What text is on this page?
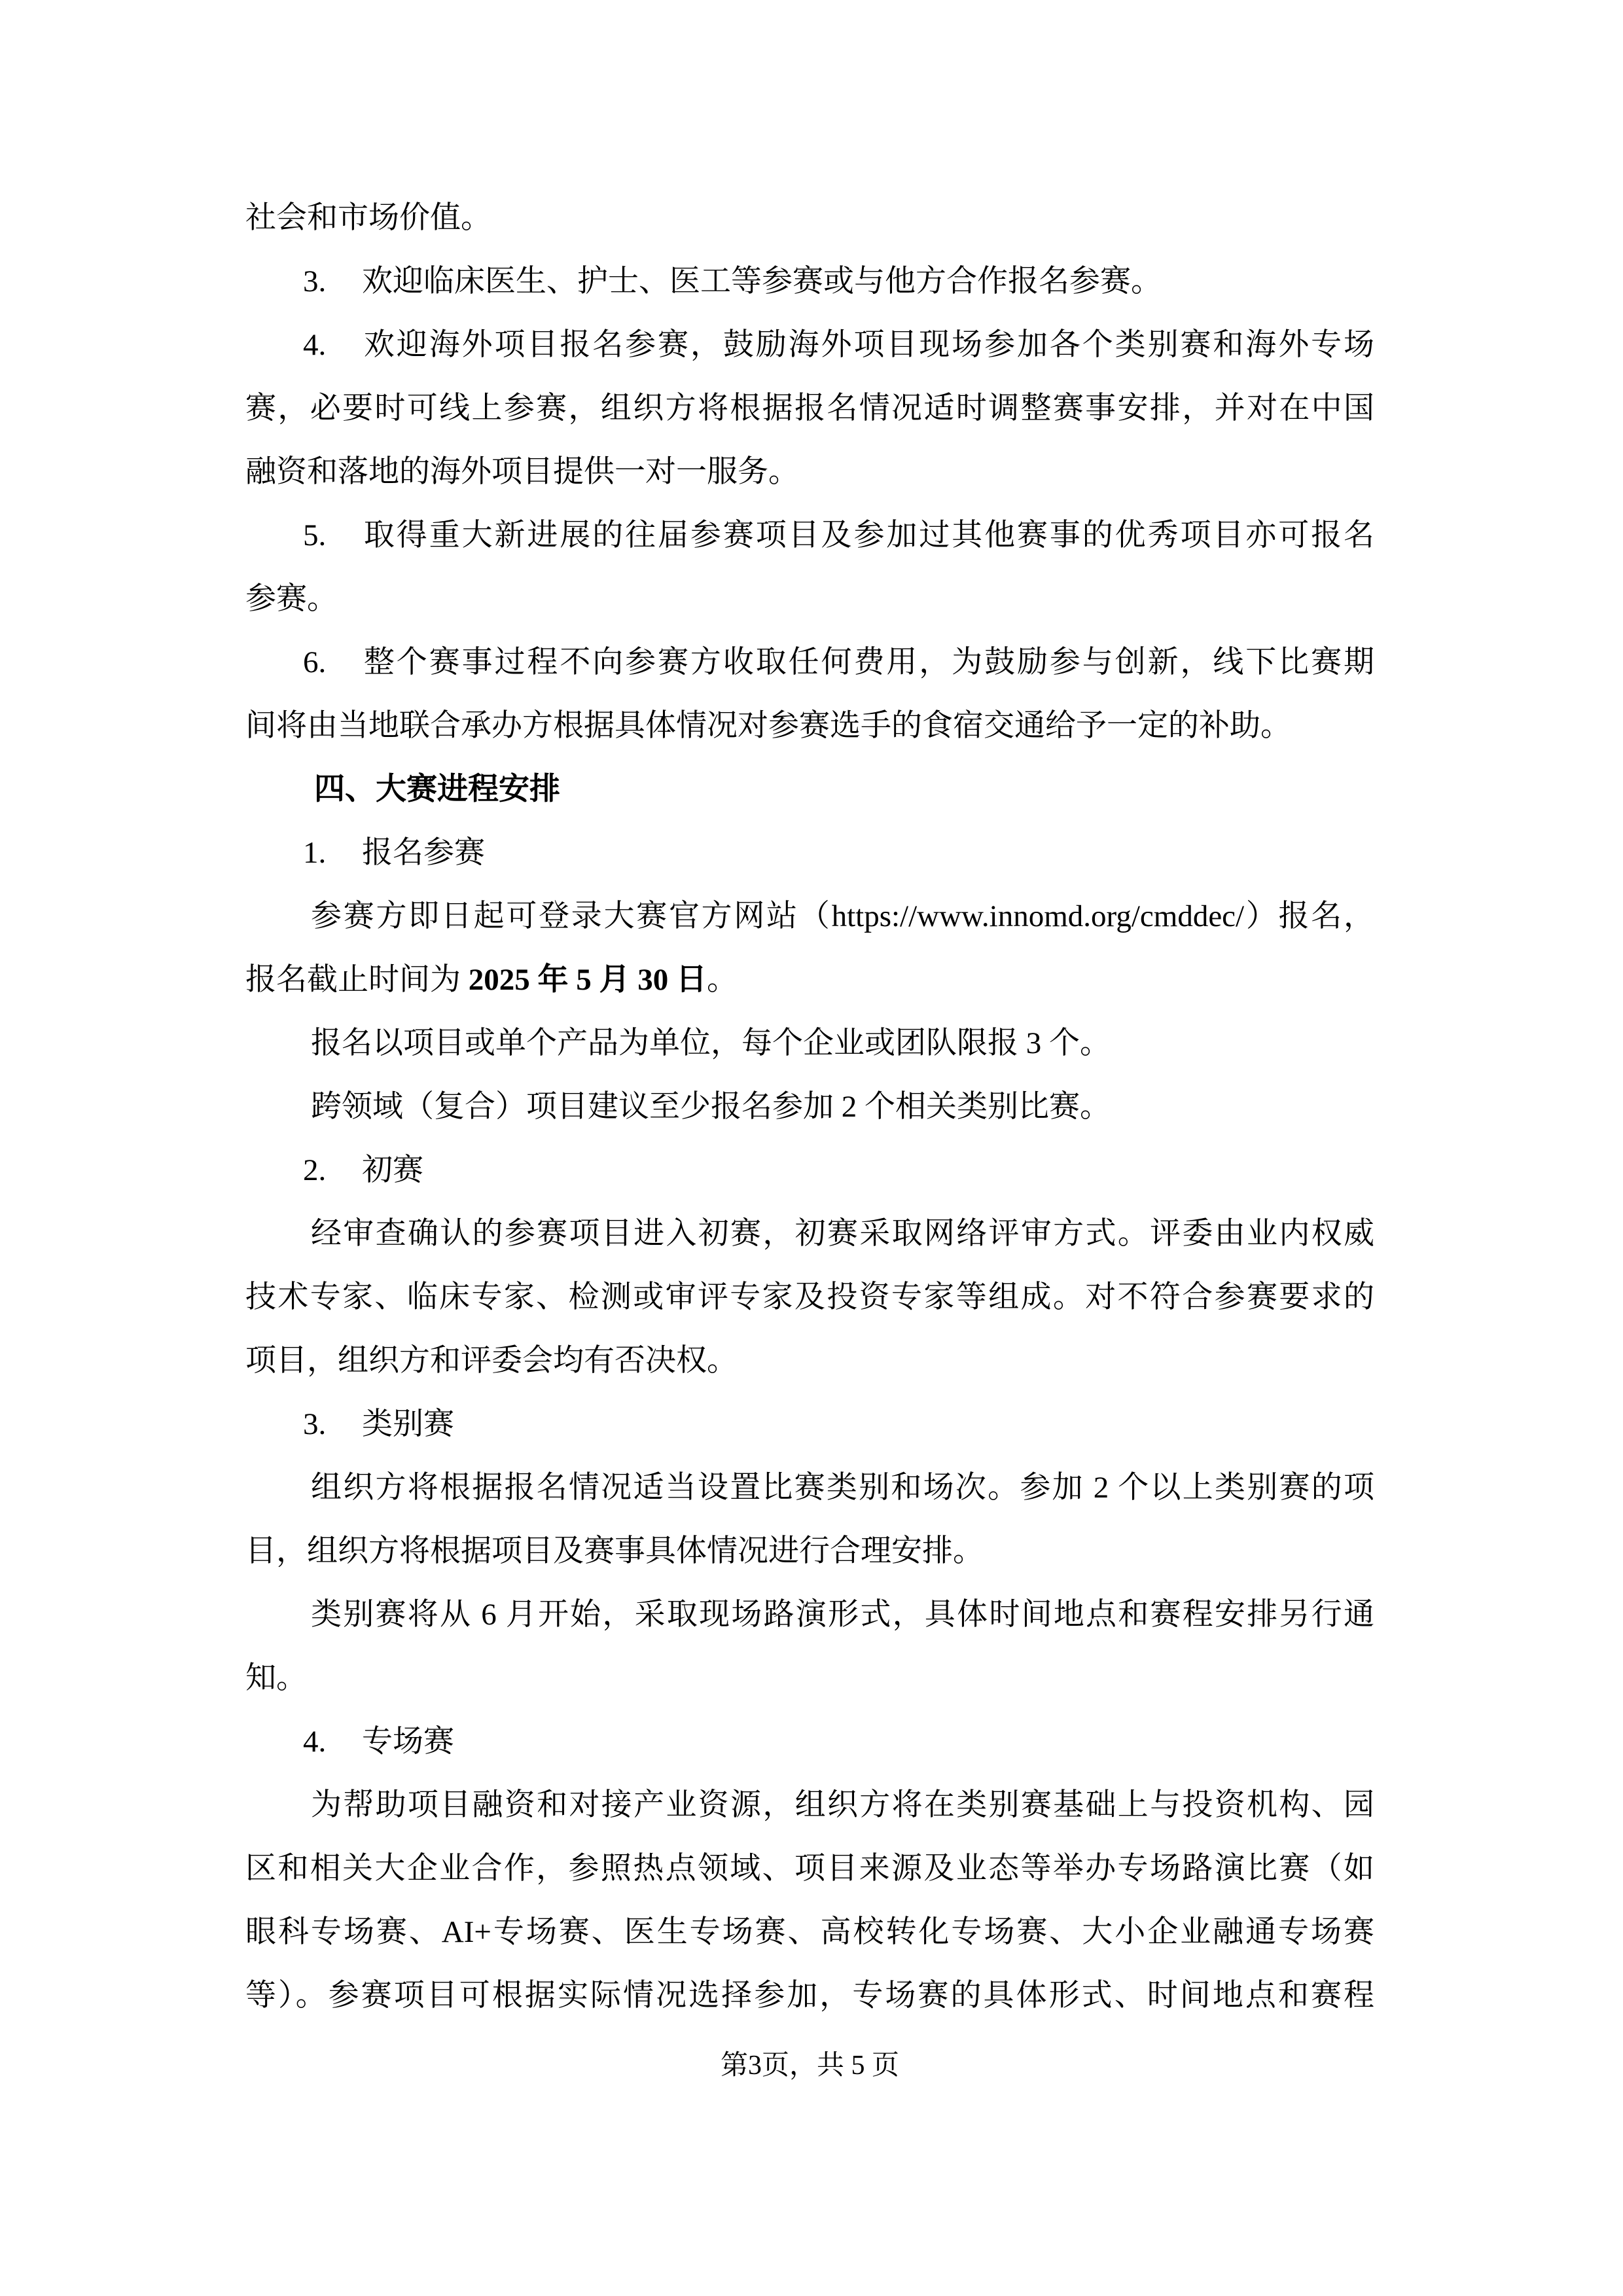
社会和市场价值。
3. 欢迎临床医生、护士、医工等参赛或与他方合作报名参赛。
4. 欢迎海外项目报名参赛，鼓励海外项目现场参加各个类别赛和海外专场
赛，必要时可线上参赛，组织方将根据报名情况适时调整赛事安排，并对在中国
融资和落地的海外项目提供一对一服务。
5. 取得重大新进展的往届参赛项目及参加过其他赛事的优秀项目亦可报名
参赛。
6. 整个赛事过程不向参赛方收取任何费用，为鼓励参与创新，线下比赛期
间将由当地联合承办方根据具体情况对参赛选手的食宿交通给予一定的补助。
四、大赛进程安排
1. 报名参赛
参赛方即日起可登录大赛官方网站（https://www.innomd.org/cmddec/）报名，
报名截止时间为 2025 年 5 月 30 日。
报名以项目或单个产品为单位，每个企业或团队限报 3 个。
跨领域（复合）项目建议至少报名参加 2 个相关类别比赛。
2. 初赛
经审查确认的参赛项目进入初赛，初赛采取网络评审方式。评委由业内权威
技术专家、临床专家、检测或审评专家及投资专家等组成。对不符合参赛要求的
项目，组织方和评委会均有否决权。
3. 类别赛
组织方将根据报名情况适当设置比赛类别和场次。参加 2 个以上类别赛的项
目，组织方将根据项目及赛事具体情况进行合理安排。
类别赛将从 6 月开始，采取现场路演形式，具体时间地点和赛程安排另行通
知。
4. 专场赛
为帮助项目融资和对接产业资源，组织方将在类别赛基础上与投资机构、园
区和相关大企业合作，参照热点领域、项目来源及业态等举办专场路演比赛（如
眼科专场赛、AI+专场赛、医生专场赛、高校转化专场赛、大小企业融通专场赛
等）。参赛项目可根据实际情况选择参加，专场赛的具体形式、时间地点和赛程
第3页，共 5 页
